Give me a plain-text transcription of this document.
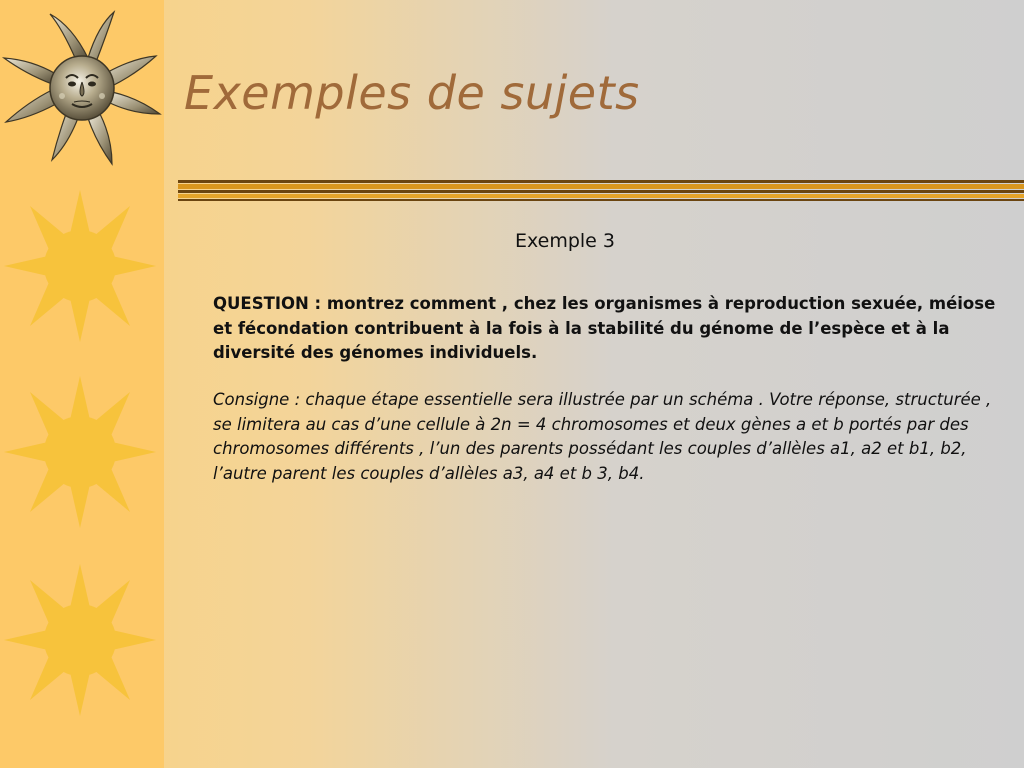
Exemples de sujets
Exemple 3

QUESTION : montrez comment , chez les organismes à reproduction sexuée, méiose et fécondation contribuent à la fois à la stabilité du génome de l’espèce et à la diversité des génomes individuels.

Consigne : chaque étape essentielle sera illustrée par un schéma . Votre réponse, structurée , se limitera au cas d’une cellule à 2n = 4 chromosomes et deux gènes a et b portés par des chromosomes différents , l’un des parents possédant les couples d’allèles a1, a2 et b1, b2, l’autre parent les couples d’allèles a3, a4 et b 3, b4.
